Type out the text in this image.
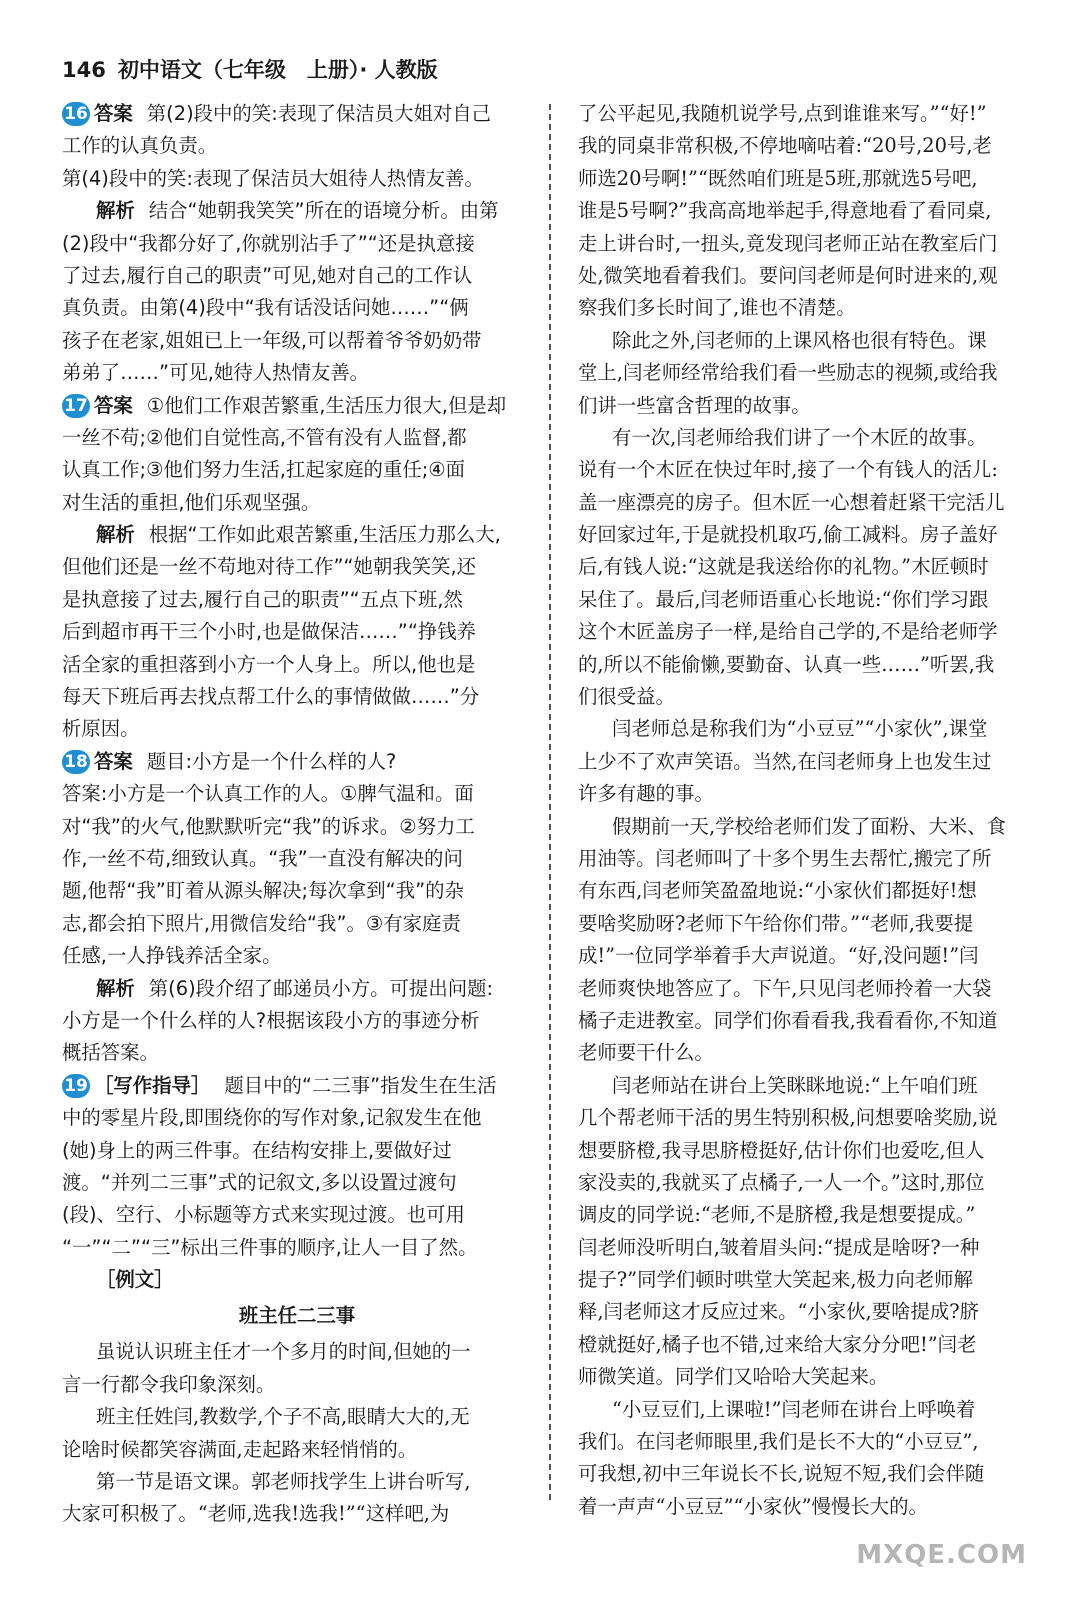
146 初中语文（七年级　上册）· 人教版
16 答案 第(2)段中的笑:表现了保洁员大姐对自己
工作的认真负责。
第(4)段中的笑:表现了保洁员大姐待人热情友善。
解析 结合“她朝我笑笑”所在的语境分析。由第
(2)段中“我都分好了,你就别沾手了”“还是执意接
了过去,履行自己的职责”可见,她对自己的工作认
真负责。由第(4)段中“我有话没话问她……”“俩
孩子在老家,姐姐已上一年级,可以帮着爷爷奶奶带
弟弟了……”可见,她待人热情友善。
17 答案 ①他们工作艰苦繁重,生活压力很大,但是却
一丝不苟;②他们自觉性高,不管有没有人监督,都
认真工作;③他们努力生活,扛起家庭的重任;④面
对生活的重担,他们乐观坚强。
解析 根据“工作如此艰苦繁重,生活压力那么大,
但他们还是一丝不苟地对待工作”“她朝我笑笑,还
是执意接了过去,履行自己的职责”“五点下班,然
后到超市再干三个小时,也是做保洁……”“挣钱养
活全家的重担落到小方一个人身上。所以,他也是
每天下班后再去找点帮工什么的事情做做……”分
析原因。
18 答案 题目:小方是一个什么样的人?
答案:小方是一个认真工作的人。①脾气温和。面
对“我”的火气,他默默听完“我”的诉求。②努力工
作,一丝不苟,细致认真。“我”一直没有解决的问
题,他帮“我”盯着从源头解决;每次拿到“我”的杂
志,都会拍下照片,用微信发给“我”。③有家庭责
任感,一人挣钱养活全家。
解析 第(6)段介绍了邮递员小方。可提出问题:
小方是一个什么样的人?根据该段小方的事迹分析
概括答案。
19 ［写作指导］ 题目中的“二三事”指发生在生活
中的零星片段,即围绕你的写作对象,记叙发生在他
(她)身上的两三件事。在结构安排上,要做好过
渡。“并列二三事”式的记叙文,多以设置过渡句
(段)、空行、小标题等方式来实现过渡。也可用
“一”“二”“三”标出三件事的顺序,让人一目了然。
［例文］
班主任二三事
虽说认识班主任才一个多月的时间,但她的一
言一行都令我印象深刻。
班主任姓闫,教数学,个子不高,眼睛大大的,无
论啥时候都笑容满面,走起路来轻悄悄的。
第一节是语文课。郭老师找学生上讲台听写,
大家可积极了。“老师,选我!选我!”“这样吧,为
了公平起见,我随机说学号,点到谁谁来写。”“好!”
我的同桌非常积极,不停地嘀咕着:“20号,20号,老
师选20号啊!”“既然咱们班是5班,那就选5号吧,
谁是5号啊?”我高高地举起手,得意地看了看同桌,
走上讲台时,一扭头,竟发现闫老师正站在教室后门
处,微笑地看着我们。要问闫老师是何时进来的,观
察我们多长时间了,谁也不清楚。
除此之外,闫老师的上课风格也很有特色。课
堂上,闫老师经常给我们看一些励志的视频,或给我
们讲一些富含哲理的故事。
有一次,闫老师给我们讲了一个木匠的故事。
说有一个木匠在快过年时,接了一个有钱人的活儿:
盖一座漂亮的房子。但木匠一心想着赶紧干完活儿
好回家过年,于是就投机取巧,偷工减料。房子盖好
后,有钱人说:“这就是我送给你的礼物。”木匠顿时
呆住了。最后,闫老师语重心长地说:“你们学习跟
这个木匠盖房子一样,是给自己学的,不是给老师学
的,所以不能偷懒,要勤奋、认真一些……”听罢,我
们很受益。
闫老师总是称我们为“小豆豆”“小家伙”,课堂
上少不了欢声笑语。当然,在闫老师身上也发生过
许多有趣的事。
假期前一天,学校给老师们发了面粉、大米、食
用油等。闫老师叫了十多个男生去帮忙,搬完了所
有东西,闫老师笑盈盈地说:“小家伙们都挺好!想
要啥奖励呀?老师下午给你们带。”“老师,我要提
成!”一位同学举着手大声说道。“好,没问题!”闫
老师爽快地答应了。下午,只见闫老师拎着一大袋
橘子走进教室。同学们你看看我,我看看你,不知道
老师要干什么。
闫老师站在讲台上笑眯眯地说:“上午咱们班
几个帮老师干活的男生特别积极,问想要啥奖励,说
想要脐橙,我寻思脐橙挺好,估计你们也爱吃,但人
家没卖的,我就买了点橘子,一人一个。”这时,那位
调皮的同学说:“老师,不是脐橙,我是想要提成。”
闫老师没听明白,皱着眉头问:“提成是啥呀?一种
提子?”同学们顿时哄堂大笑起来,极力向老师解
释,闫老师这才反应过来。“小家伙,要啥提成?脐
橙就挺好,橘子也不错,过来给大家分分吧!”闫老
师微笑道。同学们又哈哈大笑起来。
“小豆豆们,上课啦!”闫老师在讲台上呼唤着
我们。在闫老师眼里,我们是长不大的“小豆豆”,
可我想,初中三年说长不长,说短不短,我们会伴随
着一声声“小豆豆”“小家伙”慢慢长大的。
MXQE.COM
